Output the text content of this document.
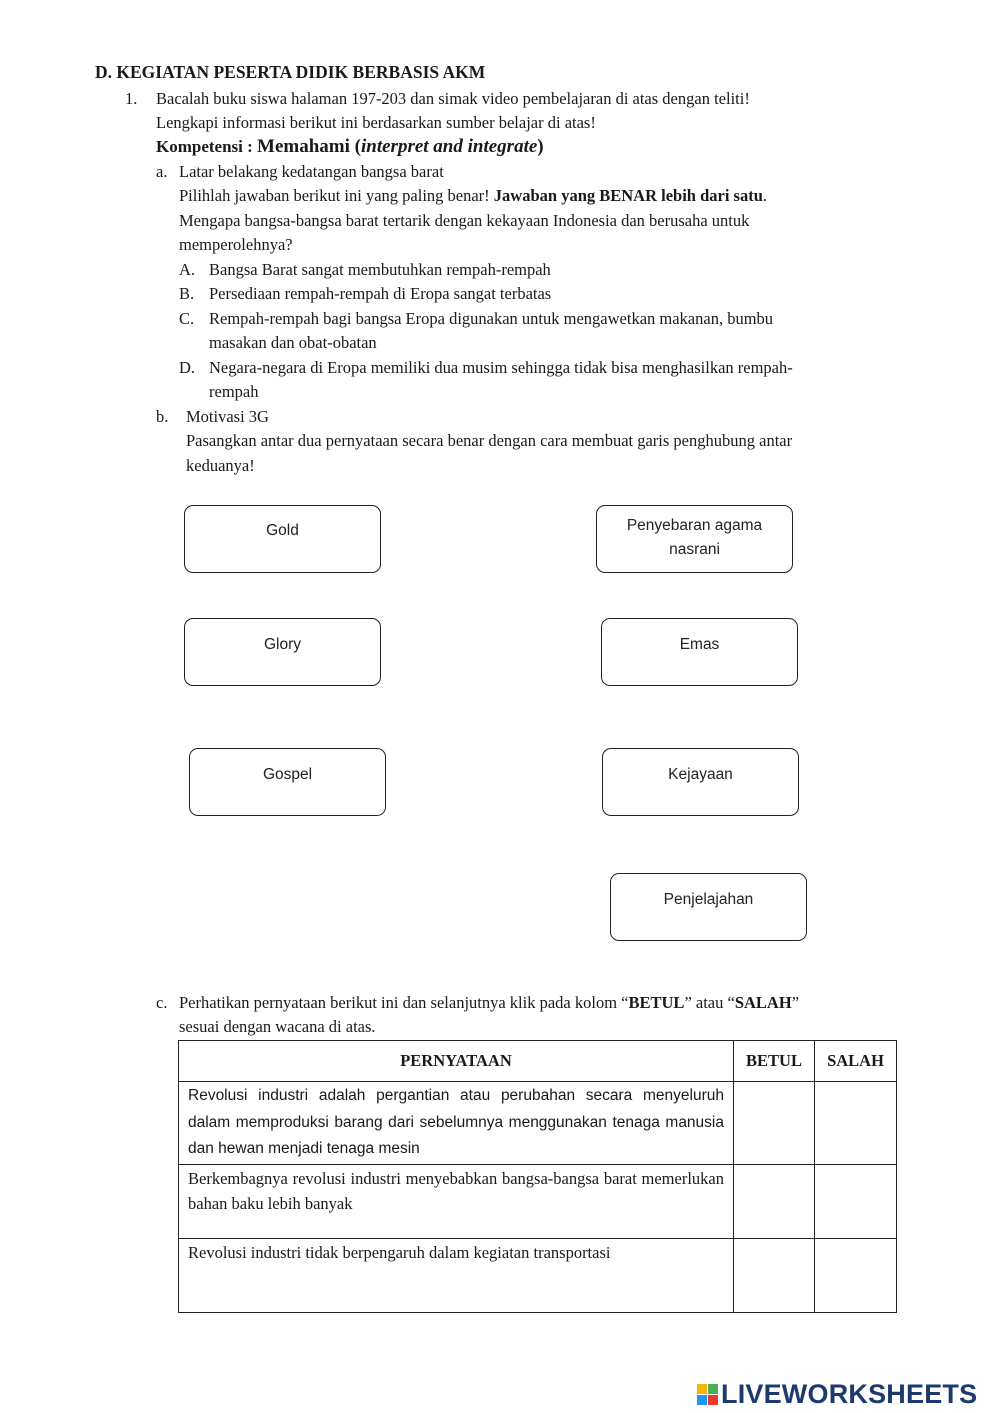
D. KEGIATAN PESERTA DIDIK BERBASIS AKM
1. Bacalah buku siswa halaman 197-203 dan simak video pembelajaran di atas dengan teliti!
Lengkapi informasi berikut ini berdasarkan sumber belajar di atas!
Kompetensi : Memahami (interpret and integrate)
a. Latar belakang kedatangan bangsa barat
Pilihlah jawaban berikut ini yang paling benar! Jawaban yang BENAR lebih dari satu.
Mengapa bangsa-bangsa barat tertarik dengan kekayaan Indonesia dan berusaha untuk
memperolehnya?
A. Bangsa Barat sangat membutuhkan rempah-rempah
B. Persediaan rempah-rempah di Eropa sangat terbatas
C. Rempah-rempah bagi bangsa Eropa digunakan untuk mengawetkan makanan, bumbu
masakan dan obat-obatan
D. Negara-negara di Eropa memiliki dua musim sehingga tidak bisa menghasilkan rempah-
rempah
b. Motivasi 3G
Pasangkan antar dua pernyataan secara benar dengan cara membuat garis penghubung antar
keduanya!
Gold
Glory
Gospel
Penyebaran agama
nasrani
Emas
Kejayaan
Penjelajahan
c. Perhatikan pernyataan berikut ini dan selanjutnya klik pada kolom “BETUL” atau “SALAH”
sesuai dengan wacana di atas.
PERNYATAAN	BETUL	SALAH
Revolusi industri adalah pergantian atau perubahan secara menyeluruh dalam memproduksi barang dari sebelumnya menggunakan tenaga manusia dan hewan menjadi tenaga mesin		
Berkembagnya revolusi industri menyebabkan bangsa-bangsa barat memerlukan bahan baku lebih banyak		
Revolusi industri tidak berpengaruh dalam kegiatan transportasi		
LIVEWORKSHEETS
